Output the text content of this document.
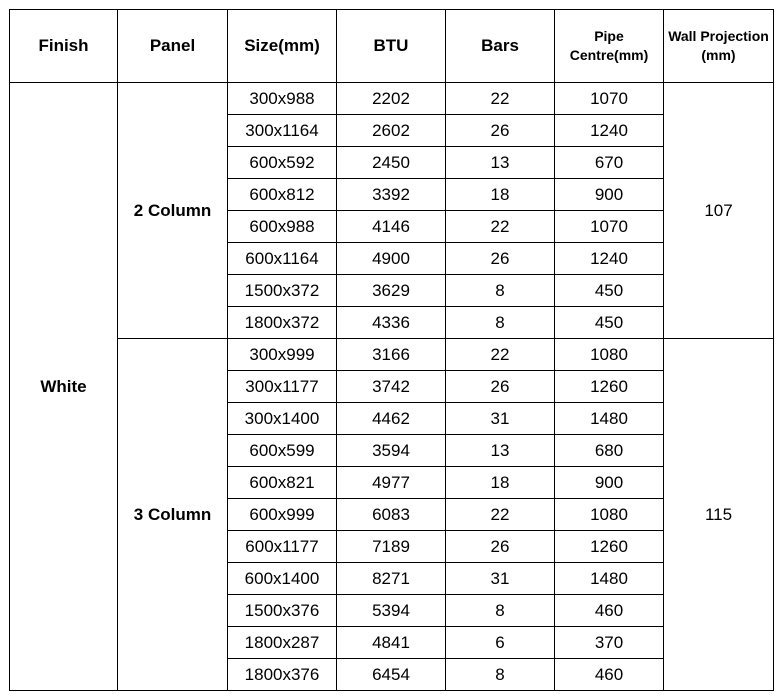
Finish	Panel	Size(mm)	BTU	Bars	Pipe Centre(mm)	Wall Projection(mm)
White	2 Column	300x988	2202	22	1070	107
		300x1164	2602	26	1240	
		600x592	2450	13	670	
		600x812	3392	18	900	
		600x988	4146	22	1070	
		600x1164	4900	26	1240	
		1500x372	3629	8	450	
		1800x372	4336	8	450	
	3 Column	300x999	3166	22	1080	115
		300x1177	3742	26	1260	
		300x1400	4462	31	1480	
		600x599	3594	13	680	
		600x821	4977	18	900	
		600x999	6083	22	1080	
		600x1177	7189	26	1260	
		600x1400	8271	31	1480	
		1500x376	5394	8	460	
		1800x287	4841	6	370	
		1800x376	6454	8	460	
